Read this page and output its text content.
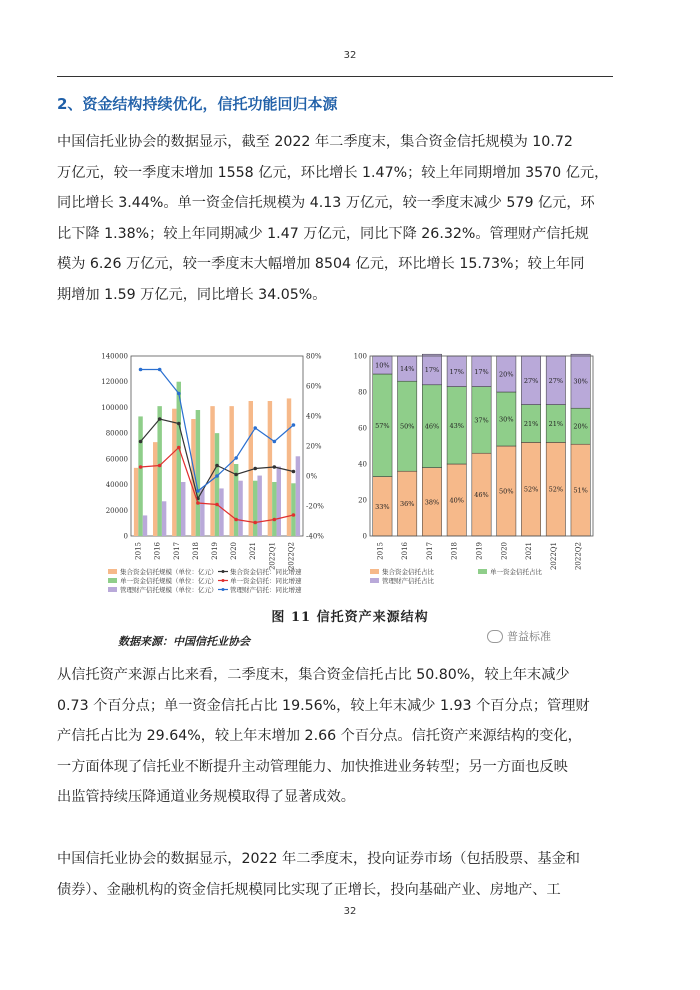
32
2、资金结构持续优化，信托功能回归本源

中国信托业协会的数据显示，截至 2022 年二季度末，集合资金信托规模为 10.72

万亿元，较一季度末增加 1558 亿元，环比增长 1.47%；较上年同期增加 3570 亿元，

同比增长 3.44%。单一资金信托规模为 4.13 万亿元，较一季度末减少 579 亿元，环

比下降 1.38%；较上年同期减少 1.47 万亿元，同比下降 26.32%。管理财产信托规

模为 6.26 万亿元，较一季度末大幅增加 8504 亿元，环比增长 15.73%；较上年同

期增加 1.59 万亿元，同比增长 34.05%。

0
20000
40000
60000
80000
100000
120000
140000
-40%
-20%
0%
20%
40%
60%
80%
2015 2016 2017 2018 2019 2020 2021 2022Q1 2022Q2
集合资金信托规模（单位：亿元） 集合资金信托：同比增速
单一资金信托规模（单位：亿元） 单一资金信托：同比增速
管理财产信托规模（单位：亿元） 管理财产信托：同比增速
0
20
40
60
80
100
33%
57%
10%
2015
36%
50%
14%
2016
38%
46%
17%
2017
40%
43%
17%
2018
46%
37%
17%
2019
50%
30%
20%
2020
52%
21%
27%
2021
52%
21%
27%
2022Q1
51%
20%
30%
2022Q2
集合资金信托占比	单一资金信托占比
管理财产信托占比
图 11 信托资产来源结构
数据来源：中国信托业协会	普益标准

从信托资产来源占比来看，二季度末，集合资金信托占比 50.80%，较上年末减少

0.73 个百分点；单一资金信托占比 19.56%，较上年末减少 1.93 个百分点；管理财

产信托占比为 29.64%，较上年末增加 2.66 个百分点。信托资产来源结构的变化，

一方面体现了信托业不断提升主动管理能力、加快推进业务转型；另一方面也反映

出监管持续压降通道业务规模取得了显著成效。

中国信托业协会的数据显示，2022 年二季度末，投向证券市场（包括股票、基金和

债券）、金融机构的资金信托规模同比实现了正增长，投向基础产业、房地产、工

32
